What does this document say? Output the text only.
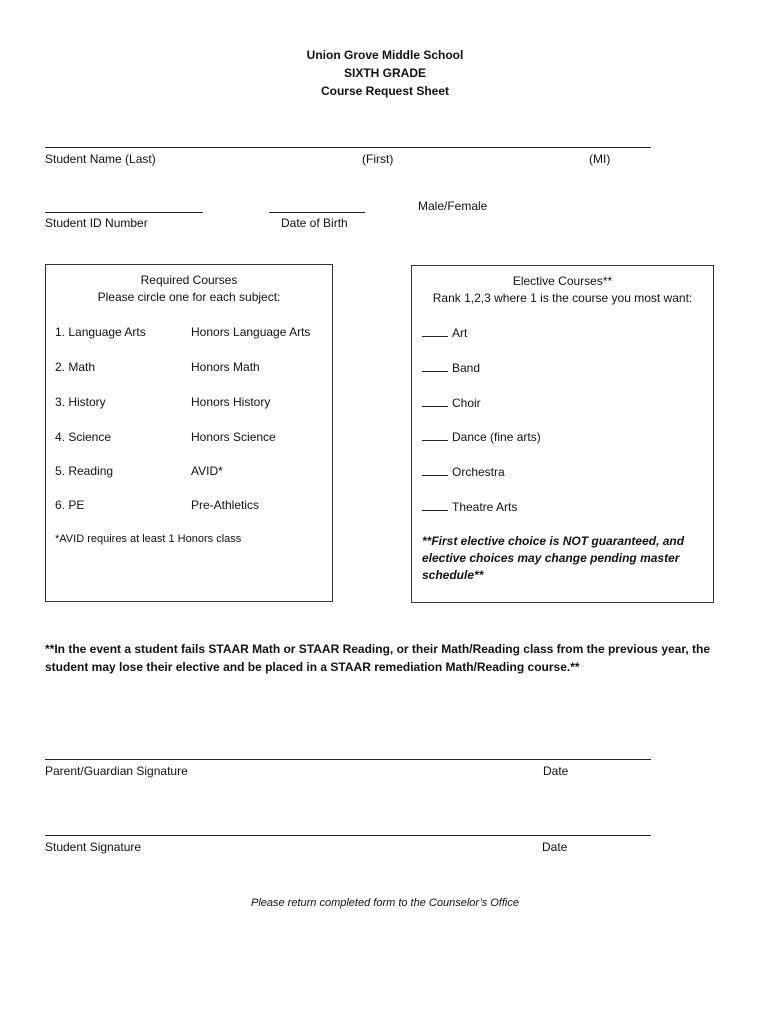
Union Grove Middle School
SIXTH GRADE
Course Request Sheet
Student Name (Last)	(First)	(MI)
Male/Female
Student ID Number	Date of Birth
Required Courses
Please circle one for each subject:
1. Language Arts	Honors Language Arts
2. Math	Honors Math
3. History	Honors History
4. Science	Honors Science
5. Reading	AVID*
6. PE	Pre-Athletics
*AVID requires at least 1 Honors class
Elective Courses**
Rank 1,2,3 where 1 is the course you most want:
Art
Band
Choir
Dance (fine arts)
Orchestra
Theatre Arts
**First elective choice is NOT guaranteed, and
elective choices may change pending master
schedule**
**In the event a student fails STAAR Math or STAAR Reading, or their Math/Reading class from the previous year, the student may lose their elective and be placed in a STAAR remediation Math/Reading course.**
Parent/Guardian Signature	Date
Student Signature	Date
Please return completed form to the Counselor’s Office
